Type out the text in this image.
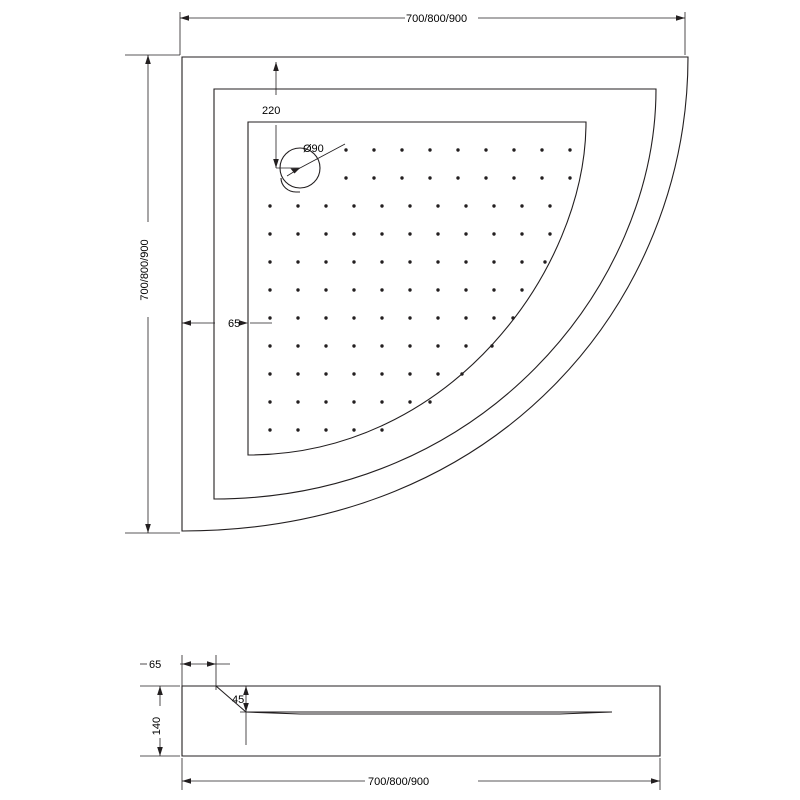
700/800/900
700/800/900
220
Ø90
65
65
45
140
700/800/900
